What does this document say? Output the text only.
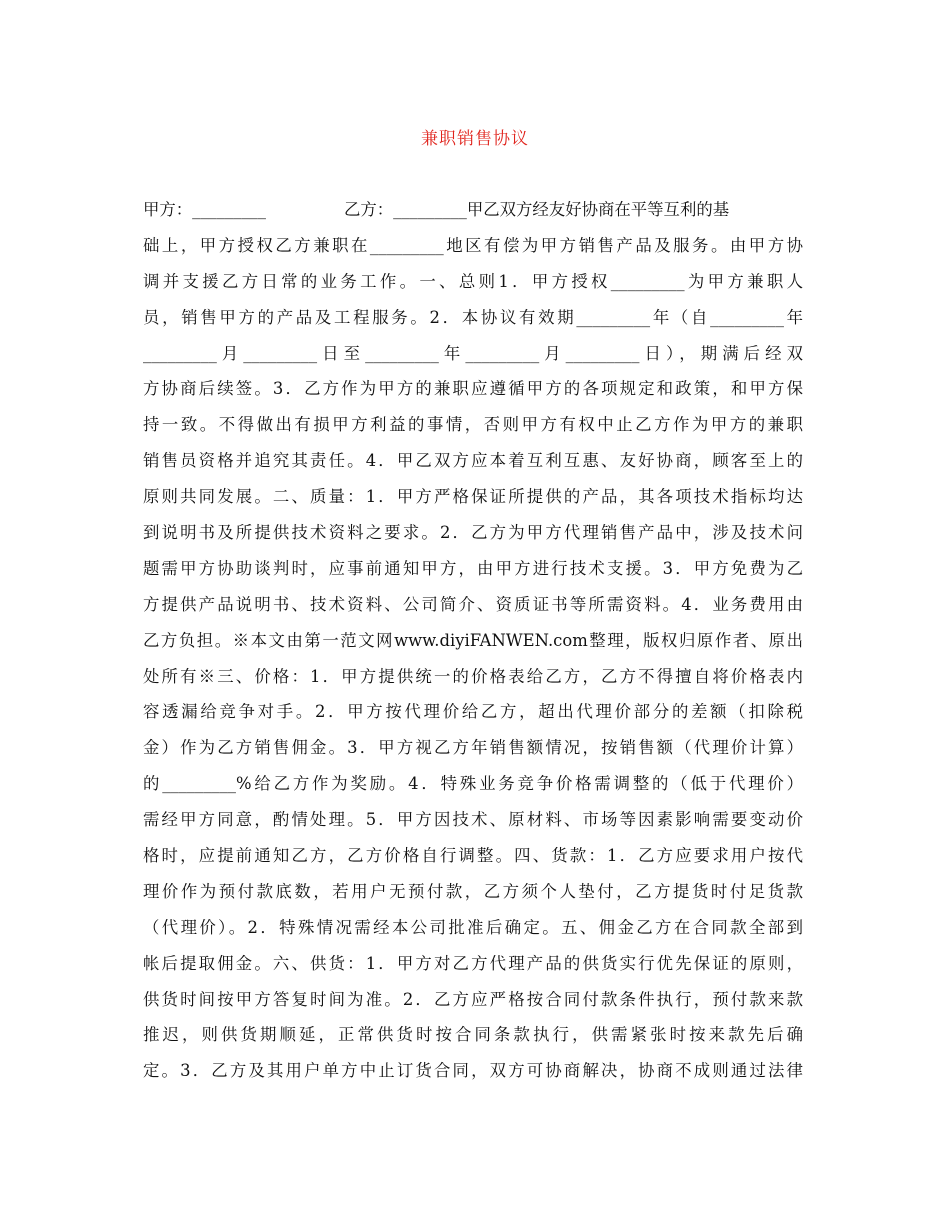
兼职销售协议
甲方：_________	乙方：_________甲乙双方经友好协商在平等互利的基
础上，甲方授权乙方兼职在_________地区有偿为甲方销售产品及服务。由甲方协
调并支援乙方日常的业务工作。一、总则1．甲方授权_________为甲方兼职人
员，销售甲方的产品及工程服务。2．本协议有效期_________年（自_________年
_________月_________日至_________年_________月_________日），期满后经双
方协商后续签。3．乙方作为甲方的兼职应遵循甲方的各项规定和政策，和甲方保
持一致。不得做出有损甲方利益的事情，否则甲方有权中止乙方作为甲方的兼职
销售员资格并追究其责任。4．甲乙双方应本着互利互惠、友好协商，顾客至上的
原则共同发展。二、质量：1．甲方严格保证所提供的产品，其各项技术指标均达
到说明书及所提供技术资料之要求。2．乙方为甲方代理销售产品中，涉及技术问
题需甲方协助谈判时，应事前通知甲方，由甲方进行技术支援。3．甲方免费为乙
方提供产品说明书、技术资料、公司简介、资质证书等所需资料。4．业务费用由
乙方负担。※本文由第一范文网www.diyiFANWEN.com整理，版权归原作者、原出
处所有※三、价格：1．甲方提供统一的价格表给乙方，乙方不得擅自将价格表内
容透漏给竞争对手。2．甲方按代理价给乙方，超出代理价部分的差额（扣除税
金）作为乙方销售佣金。3．甲方视乙方年销售额情况，按销售额（代理价计算）
的_________%给乙方作为奖励。4．特殊业务竞争价格需调整的（低于代理价）
需经甲方同意，酌情处理。5．甲方因技术、原材料、市场等因素影响需要变动价
格时，应提前通知乙方，乙方价格自行调整。四、货款：1．乙方应要求用户按代
理价作为预付款底数，若用户无预付款，乙方须个人垫付，乙方提货时付足货款
（代理价）。2．特殊情况需经本公司批准后确定。五、佣金乙方在合同款全部到
帐后提取佣金。六、供货：1．甲方对乙方代理产品的供货实行优先保证的原则，
供货时间按甲方答复时间为准。2．乙方应严格按合同付款条件执行，预付款来款
推迟，则供货期顺延，正常供货时按合同条款执行，供需紧张时按来款先后确
定。3．乙方及其用户单方中止订货合同，双方可协商解决，协商不成则通过法律
